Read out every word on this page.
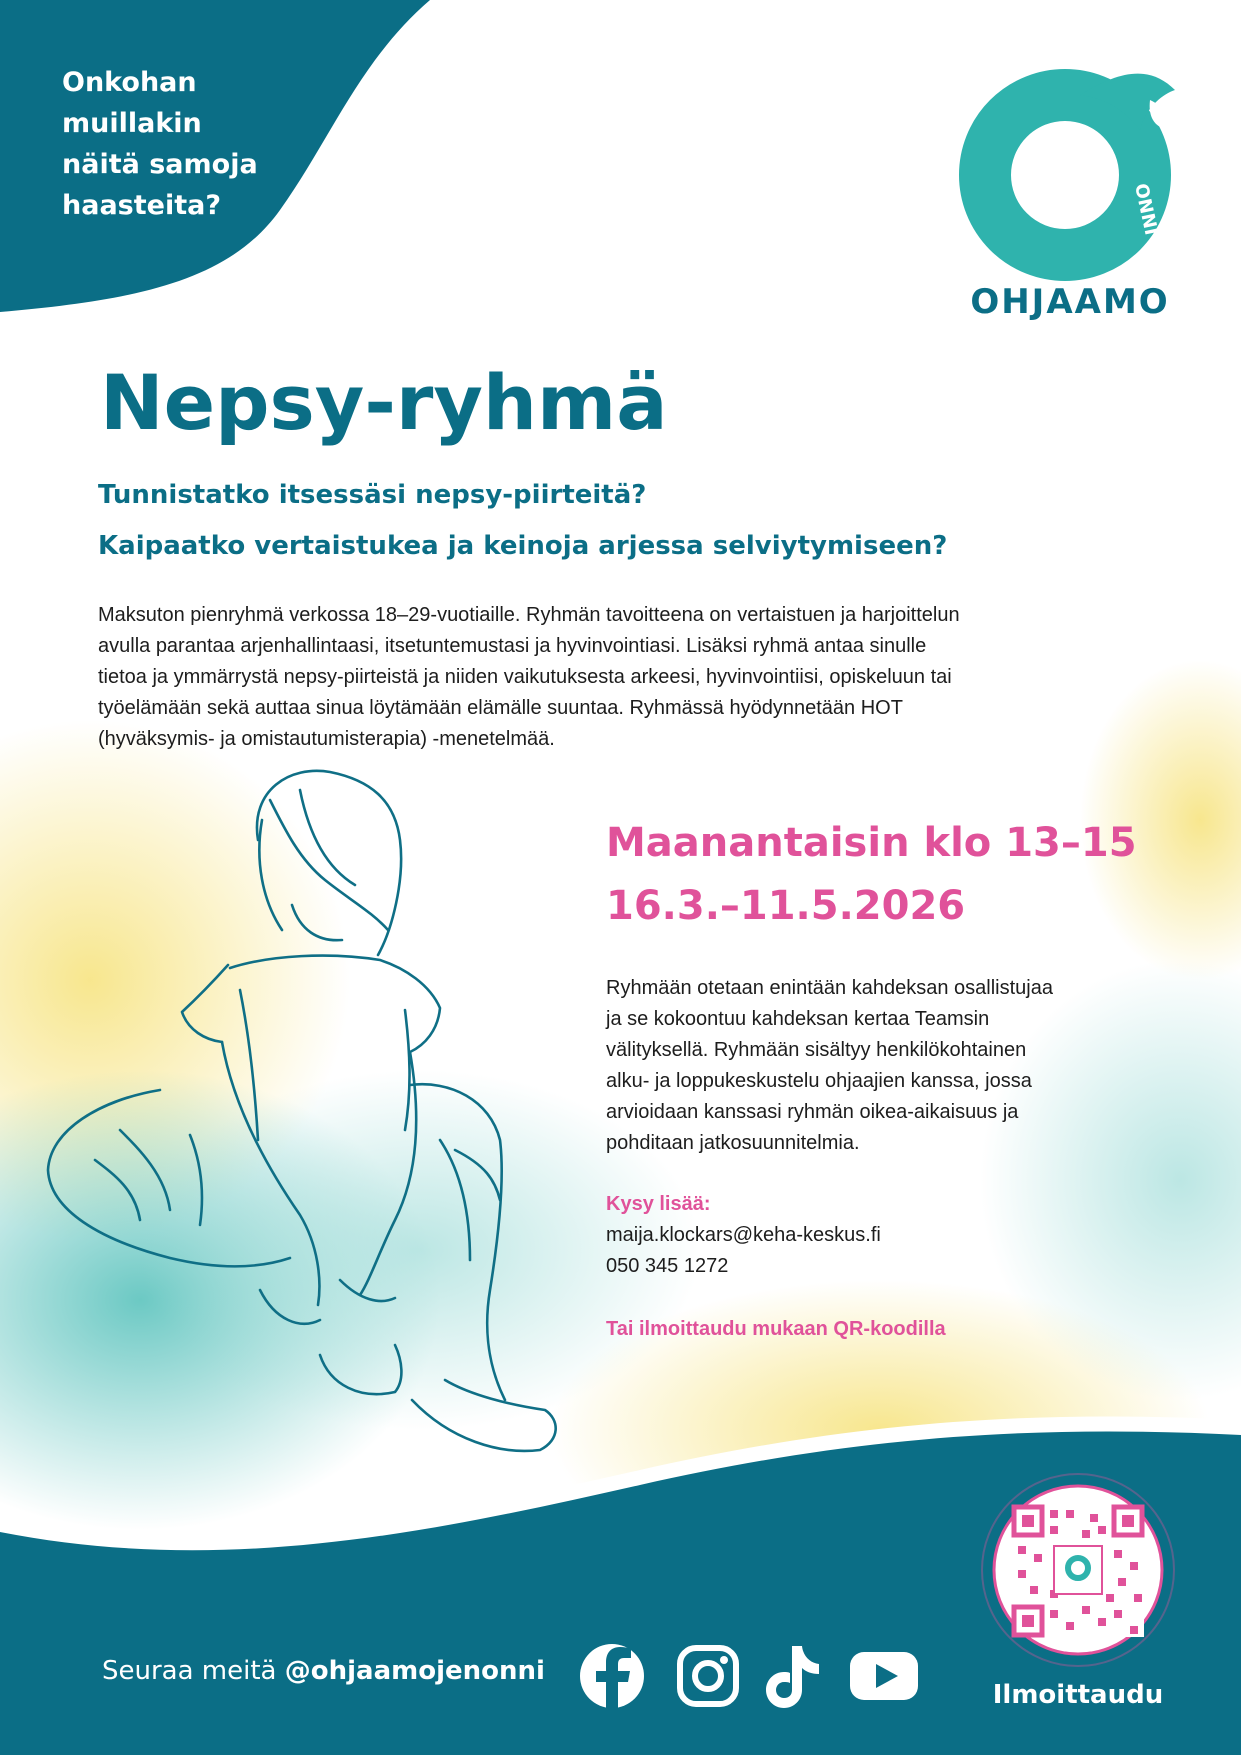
ONNI
Onkohan
muillakin
näitä samoja
haasteita?
OHJAAMO
Nepsy-ryhmä
Tunnistatko itsessäsi nepsy-piirteitä?
Kaipaatko vertaistukea ja keinoja arjessa selviytymiseen?
Maksuton pienryhmä verkossa 18–29-vuotiaille. Ryhmän tavoitteena on vertaistuen ja harjoittelun
avulla parantaa arjenhallintaasi, itsetuntemustasi ja hyvinvointiasi. Lisäksi ryhmä antaa sinulle
tietoa ja ymmärrystä nepsy-piirteistä ja niiden vaikutuksesta arkeesi, hyvinvointiisi, opiskeluun tai
työelämään sekä auttaa sinua löytämään elämälle suuntaa. Ryhmässä hyödynnetään HOT
(hyväksymis- ja omistautumisterapia) -menetelmää.
Maanantaisin klo 13–15
16.3.–11.5.2026
Ryhmään otetaan enintään kahdeksan osallistujaa
ja se kokoontuu kahdeksan kertaa Teamsin
välityksellä. Ryhmään sisältyy henkilökohtainen
alku- ja loppukeskustelu ohjaajien kanssa, jossa
arvioidaan kanssasi ryhmän oikea-aikaisuus ja
pohditaan jatkosuunnitelmia.
Kysy lisää:
maija.klockars@keha-keskus.fi
050 345 1272
Tai ilmoittaudu mukaan QR-koodilla
Seuraa meitä @ohjaamojenonni
Ilmoittaudu
